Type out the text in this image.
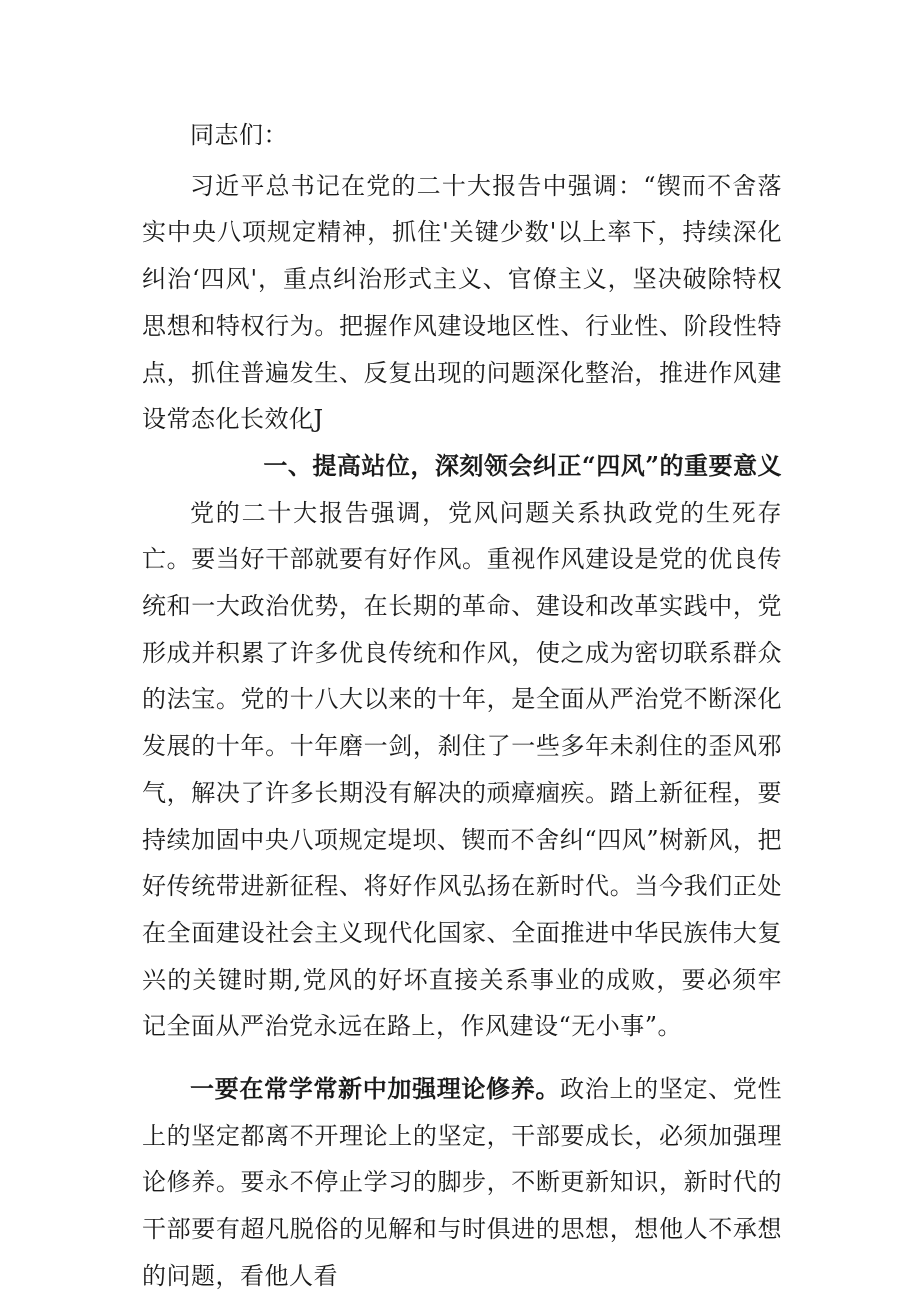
同志们：

习近平总书记在党的二十大报告中强调：“锲而不舍落实中央八项规定精神，抓住'关键少数'以上率下，持续深化纠治‘四风'，重点纠治形式主义、官僚主义，坚决破除特权思想和特权行为。把握作风建设地区性、行业性、阶段性特点，抓住普遍发生、反复出现的问题深化整治，推进作风建设常态化长效化J

一、提高站位，深刻领会纠正“四风”的重要意义

党的二十大报告强调，党风问题关系执政党的生死存亡。要当好干部就要有好作风。重视作风建设是党的优良传统和一大政治优势，在长期的革命、建设和改革实践中，党形成并积累了许多优良传统和作风，使之成为密切联系群众的法宝。党的十八大以来的十年，是全面从严治党不断深化发展的十年。十年磨一剑，刹住了一些多年未刹住的歪风邪气，解决了许多长期没有解决的顽瘴痼疾。踏上新征程，要持续加固中央八项规定堤坝、锲而不舍纠“四风”树新风，把好传统带进新征程、将好作风弘扬在新时代。当今我们正处在全面建设社会主义现代化国家、全面推进中华民族伟大复兴的关键时期,党风的好坏直接关系事业的成败，要必须牢记全面从严治党永远在路上，作风建设“无小事”。

一要在常学常新中加强理论修养。政治上的坚定、党性上的坚定都离不开理论上的坚定，干部要成长，必须加强理论修养。要永不停止学习的脚步，不断更新知识，新时代的干部要有超凡脱俗的见解和与时俱进的思想，想他人不承想的问题，看他人看
